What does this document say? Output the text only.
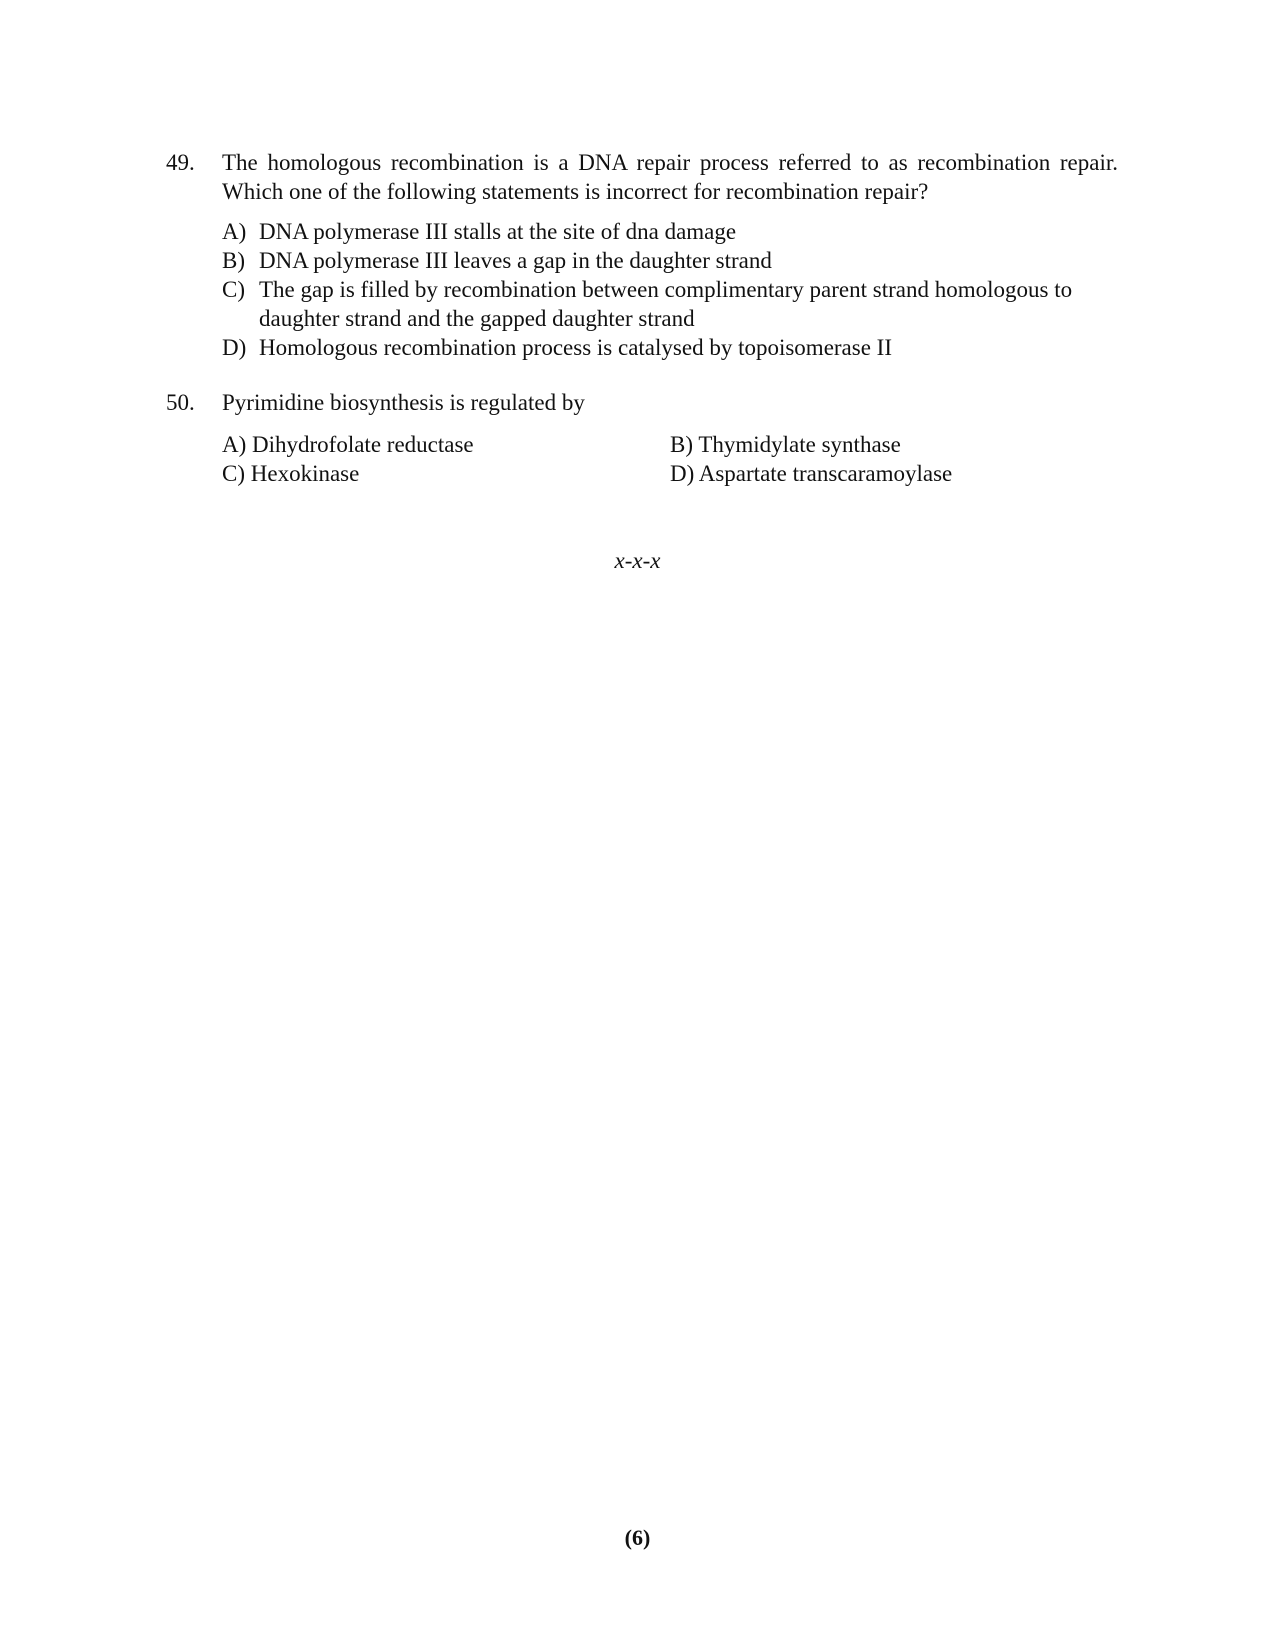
49.	The homologous recombination is a DNA repair process referred to as recombination repair. Which one of the following statements is incorrect for recombination repair?
A) DNA polymerase III stalls at the site of dna damage
B) DNA polymerase III leaves a gap in the daughter strand
C) The gap is filled by recombination between complimentary parent strand homologous to daughter strand and the gapped daughter strand
D) Homologous recombination process is catalysed by topoisomerase II
50.	Pyrimidine biosynthesis is regulated by
A) Dihydrofolate reductase	B) Thymidylate synthase
C) Hexokinase	D) Aspartate transcaramoylase
x-x-x
(6)
